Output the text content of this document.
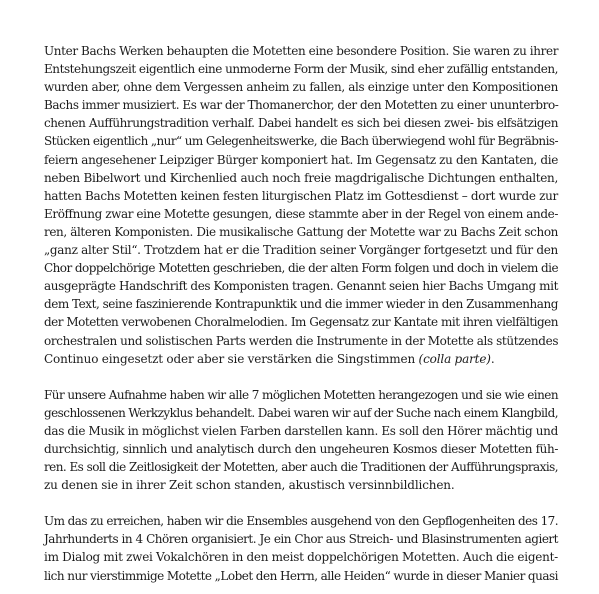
Unter Bachs Werken behaupten die Motetten eine besondere Position. Sie waren zu ihrer
Entstehungszeit eigentlich eine unmoderne Form der Musik, sind eher zufällig entstanden,
wurden aber, ohne dem Vergessen anheim zu fallen, als einzige unter den Kompositionen
Bachs immer musiziert. Es war der Thomanerchor, der den Motetten zu einer ununterbro-
chenen Aufführungstradition verhalf. Dabei handelt es sich bei diesen zwei- bis elfsätzigen
Stücken eigentlich „nur“ um Gelegenheitswerke, die Bach überwiegend wohl für Begräbnis-
feiern angesehener Leipziger Bürger komponiert hat. Im Gegensatz zu den Kantaten, die
neben Bibelwort und Kirchenlied auch noch freie magdrigalische Dichtungen enthalten,
hatten Bachs Motetten keinen festen liturgischen Platz im Gottesdienst – dort wurde zur
Eröffnung zwar eine Motette gesungen, diese stammte aber in der Regel von einem ande-
ren, älteren Komponisten. Die musikalische Gattung der Motette war zu Bachs Zeit schon
„ganz alter Stil“. Trotzdem hat er die Tradition seiner Vorgänger fortgesetzt und für den
Chor doppelchörige Motetten geschrieben, die der alten Form folgen und doch in vielem die
ausgeprägte Handschrift des Komponisten tragen. Genannt seien hier Bachs Umgang mit
dem Text, seine faszinierende Kontrapunktik und die immer wieder in den Zusammenhang
der Motetten verwobenen Choralmelodien. Im Gegensatz zur Kantate mit ihren vielfältigen
orchestralen und solistischen Parts werden die Instrumente in der Motette als stützendes
Continuo eingesetzt oder aber sie verstärken die Singstimmen (colla parte).
Für unsere Aufnahme haben wir alle 7 möglichen Motetten herangezogen und sie wie einen
geschlossenen Werkzyklus behandelt. Dabei waren wir auf der Suche nach einem Klangbild,
das die Musik in möglichst vielen Farben darstellen kann. Es soll den Hörer mächtig und
durchsichtig, sinnlich und analytisch durch den ungeheuren Kosmos dieser Motetten füh-
ren. Es soll die Zeitlosigkeit der Motetten, aber auch die Traditionen der Aufführungspraxis,
zu denen sie in ihrer Zeit schon standen, akustisch versinnbildlichen.
Um das zu erreichen, haben wir die Ensembles ausgehend von den Gepflogenheiten des 17.
Jahrhunderts in 4 Chören organisiert. Je ein Chor aus Streich- und Blasinstrumenten agiert
im Dialog mit zwei Vokalchören in den meist doppelchörigen Motetten. Auch die eigent-
lich nur vierstimmige Motette „Lobet den Herrn, alle Heiden“ wurde in dieser Manier quasi
